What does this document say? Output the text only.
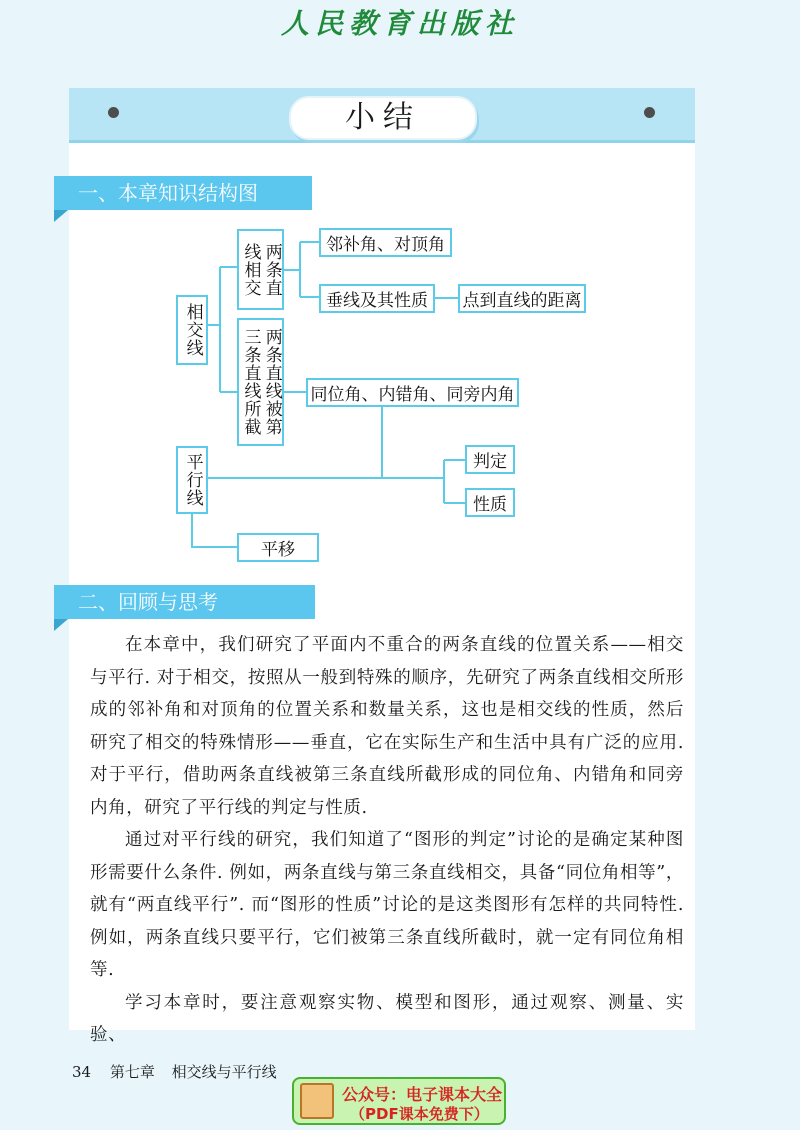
人民教育出版社
小结
一、本章知识结构图
相交线
两条直线相交	邻补角、对顶角
垂线及其性质	点到直线的距离
两条直线被第三条直线所截	同位角、内错角、同旁内角
平行线	判定
性质
平移
二、回顾与思考

在本章中，我们研究了平面内不重合的两条直线的位置关系——相交与平行. 对于相交，按照从一般到特殊的顺序，先研究了两条直线相交所形成的邻补角和对顶角的位置关系和数量关系，这也是相交线的性质，然后研究了相交的特殊情形——垂直，它在实际生产和生活中具有广泛的应用. 对于平行，借助两条直线被第三条直线所截形成的同位角、内错角和同旁内角，研究了平行线的判定与性质.

通过对平行线的研究，我们知道了“图形的判定”讨论的是确定某种图形需要什么条件. 例如，两条直线与第三条直线相交，具备“同位角相等”，就有“两直线平行”. 而“图形的性质”讨论的是这类图形有怎样的共同特性. 例如，两条直线只要平行，它们被第三条直线所截时，就一定有同位角相等.

学习本章时，要注意观察实物、模型和图形，通过观察、测量、实验、

34 第七章 相交线与平行线
公众号：电子课本大全
（PDF课本免费下）
